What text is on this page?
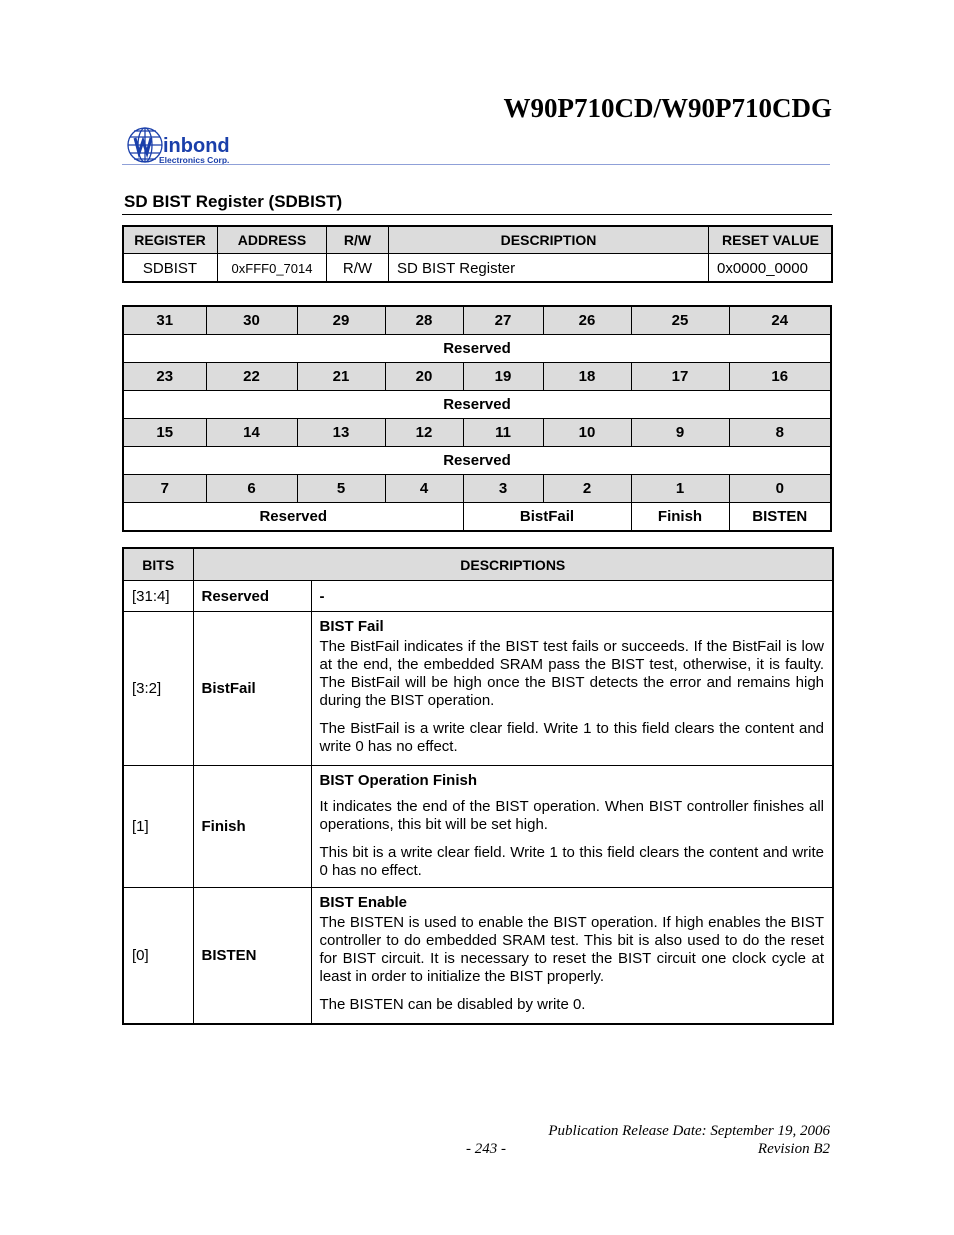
W90P710CD/W90P710CDG
inbond
Electronics Corp.
SD BIST Register (SDBIST)
REGISTER	ADDRESS	R/W	DESCRIPTION	RESET VALUE
SDBIST	0xFFF0_7014	R/W	SD BIST Register	0x0000_0000
31	30	29	28	27	26	25	24
Reserved							
23	22	21	20	19	18	17	16
Reserved							
15	14	13	12	11	10	9	8
Reserved							
7	6	5	4	3	2	1	0
Reserved				BistFail		Finish	BISTEN
BITS	DESCRIPTIONS	
[31:4]	Reserved	-
[3:2]	BistFail	BIST Fail

The BistFail indicates if the BIST test fails or succeeds. If the BistFail is low at the end, the embedded SRAM pass the BIST test, otherwise, it is faulty. The BistFail will be high once the BIST detects the error and remains high during the BIST operation.

The BistFail is a write clear field. Write 1 to this field clears the content and write 0 has no effect.

[1]	Finish	BIST Operation Finish

It indicates the end of the BIST operation. When BIST controller finishes all operations, this bit will be set high.

This bit is a write clear field. Write 1 to this field clears the content and write 0 has no effect.

[0]	BISTEN	BIST Enable

The BISTEN is used to enable the BIST operation. If high enables the BIST controller to do embedded SRAM test. This bit is also used to do the reset for BIST circuit. It is necessary to reset the BIST circuit one clock cycle at least in order to initialize the BIST properly.

The BISTEN can be disabled by write 0.

Publication Release Date: September 19, 2006
- 243 -	Revision B2
